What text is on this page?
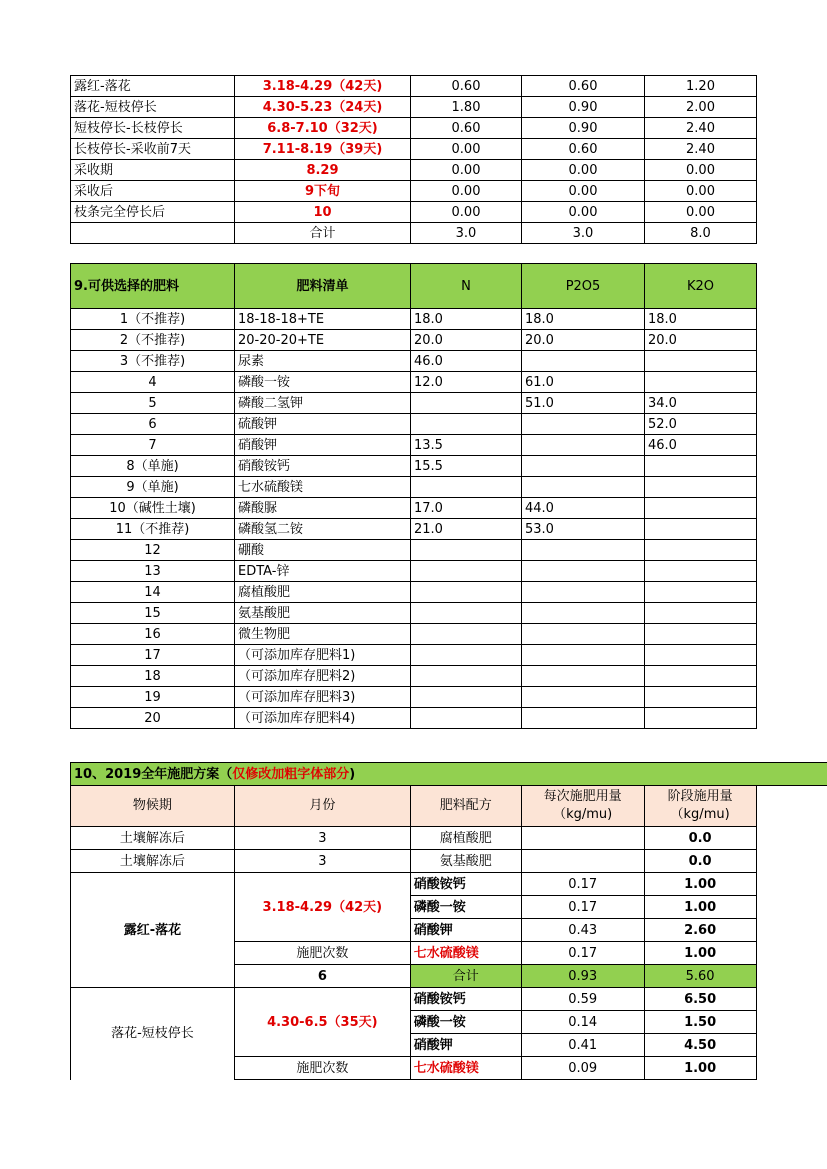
露红-落花	3.18-4.29（42天)	0.60	0.60	1.20
落花-短枝停长	4.30-5.23（24天)	1.80	0.90	2.00
短枝停长-长枝停长	6.8-7.10（32天)	0.60	0.90	2.40
长枝停长-采收前7天	7.11-8.19（39天)	0.00	0.60	2.40
采收期	8.29	0.00	0.00	0.00
采收后	9下旬	0.00	0.00	0.00
枝条完全停长后	10	0.00	0.00	0.00
	合计	3.0	3.0	8.0
9.可供选择的肥料	肥料清单	N	P2O5	K2O
1（不推荐)	18-18-18+TE	18.0	18.0	18.0
2（不推荐)	20-20-20+TE	20.0	20.0	20.0
3（不推荐)	尿素	46.0		
4	磷酸一铵	12.0	61.0	
5	磷酸二氢钾		51.0	34.0
6	硫酸钾			52.0
7	硝酸钾	13.5		46.0
8（单施)	硝酸铵钙	15.5		
9（单施)	七水硫酸镁			
10（碱性土壤)	磷酸脲	17.0	44.0	
11（不推荐)	磷酸氢二铵	21.0	53.0	
12	硼酸			
13	EDTA-锌			
14	腐植酸肥			
15	氨基酸肥			
16	微生物肥			
17	（可添加库存肥料1)			
18	（可添加库存肥料2)			
19	（可添加库存肥料3)			
20	（可添加库存肥料4)			
10、2019全年施肥方案（仅修改加粗字体部分)					
物候期	月份	肥料配方	每次施肥用量（kg/mu)	阶段施用量（kg/mu)	
土壤解冻后	3	腐植酸肥		0.0	
土壤解冻后	3	氨基酸肥		0.0	
露红-落花	3.18-4.29（42天)	硝酸铵钙	0.17	1.00	
		磷酸一铵	0.17	1.00	
		硝酸钾	0.43	2.60	
	施肥次数	七水硫酸镁	0.17	1.00	
	6	合计	0.93	5.60	
落花-短枝停长	4.30-6.5（35天)	硝酸铵钙	0.59	6.50	
		磷酸一铵	0.14	1.50	
		硝酸钾	0.41	4.50	
	施肥次数	七水硫酸镁	0.09	1.00	
